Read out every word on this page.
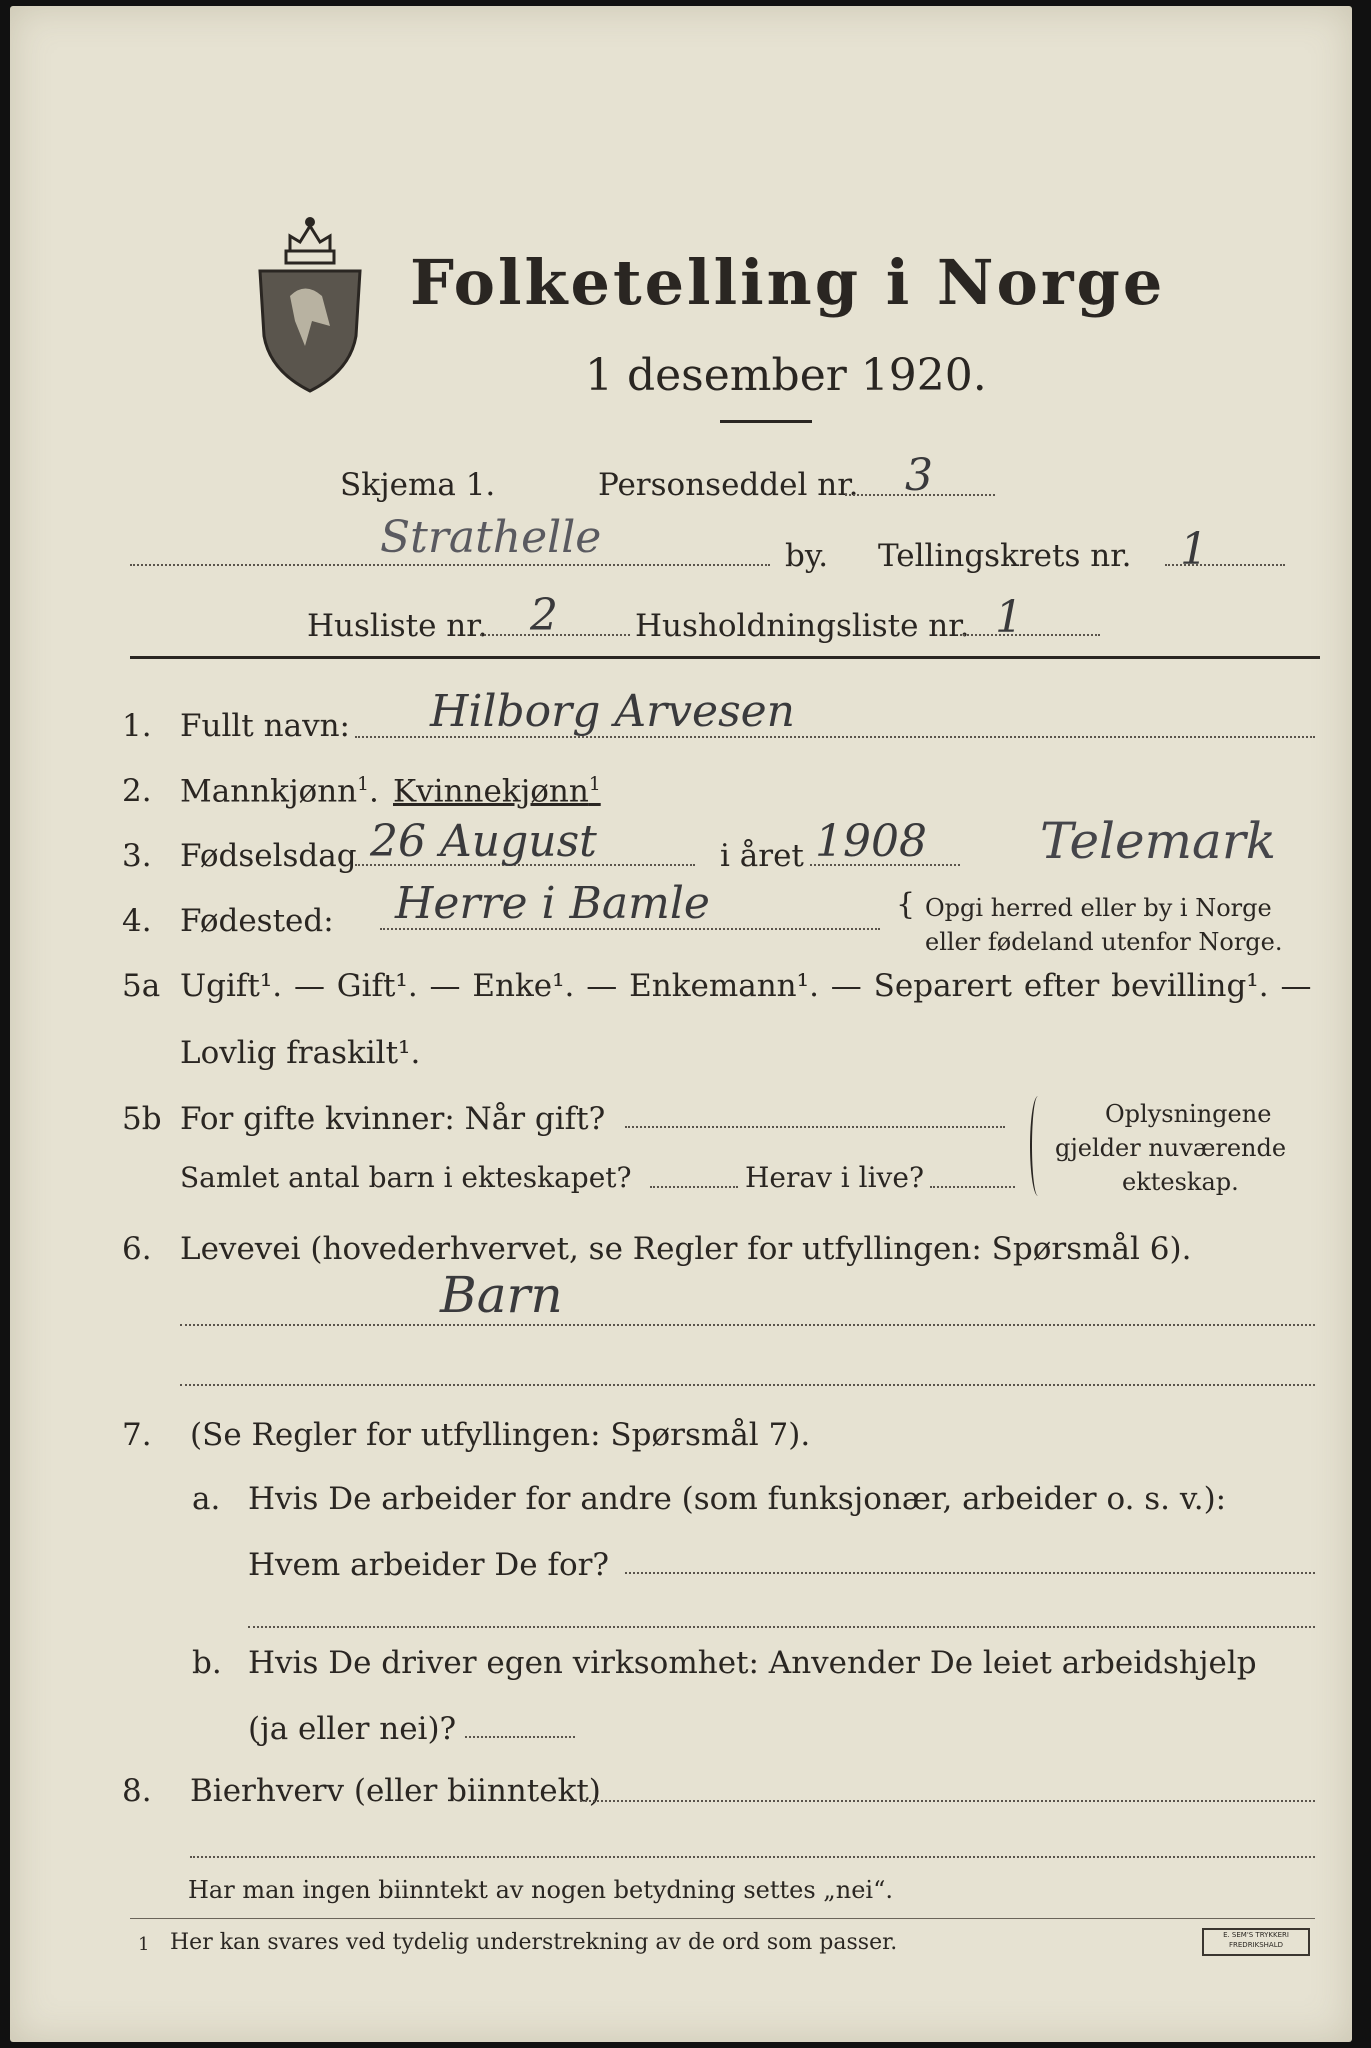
Folketelling i Norge
1 desember 1920.
Skjema 1.	Personseddel nr. 3
Strathelle	by. Tellingskrets nr. 1
Husliste nr. 2 Husholdningsliste nr. 1
1. Fullt navn: Hilborg Arvesen
2. Mannkjønn$^1$. Kvinnekjønn$^1$
3. Fødselsdag 26 August	i året 1908 Telemark
4. Fødested: Herre i Bamle	{ Opgi herred eller by i Norge
eller fødeland utenfor Norge.
5a Ugift¹. — Gift¹. — Enke¹. — Enkemann¹. — Separert efter bevilling¹. —
Lovlig fraskilt¹.
5b For gifte kvinner: Når gift?
Samlet antal barn i ekteskapet?	Herav i live?
Oplysningene
gjelder nuværende
ekteskap.
6. Levevei (hovederhvervet, se Regler for utfyllingen: Spørsmål 6).
Barn
7. (Se Regler for utfyllingen: Spørsmål 7).
a. Hvis De arbeider for andre (som funksjonær, arbeider o. s. v.):
Hvem arbeider De for?
b. Hvis De driver egen virksomhet: Anvender De leiet arbeidshjelp
(ja eller nei)?
8. Bierhverv (eller biinntekt)
Har man ingen biinntekt av nogen betydning settes „nei“.
1 Her kan svares ved tydelig understrekning av de ord som passer.	E. SEM'S TRYKKERI FREDRIKSHALD
